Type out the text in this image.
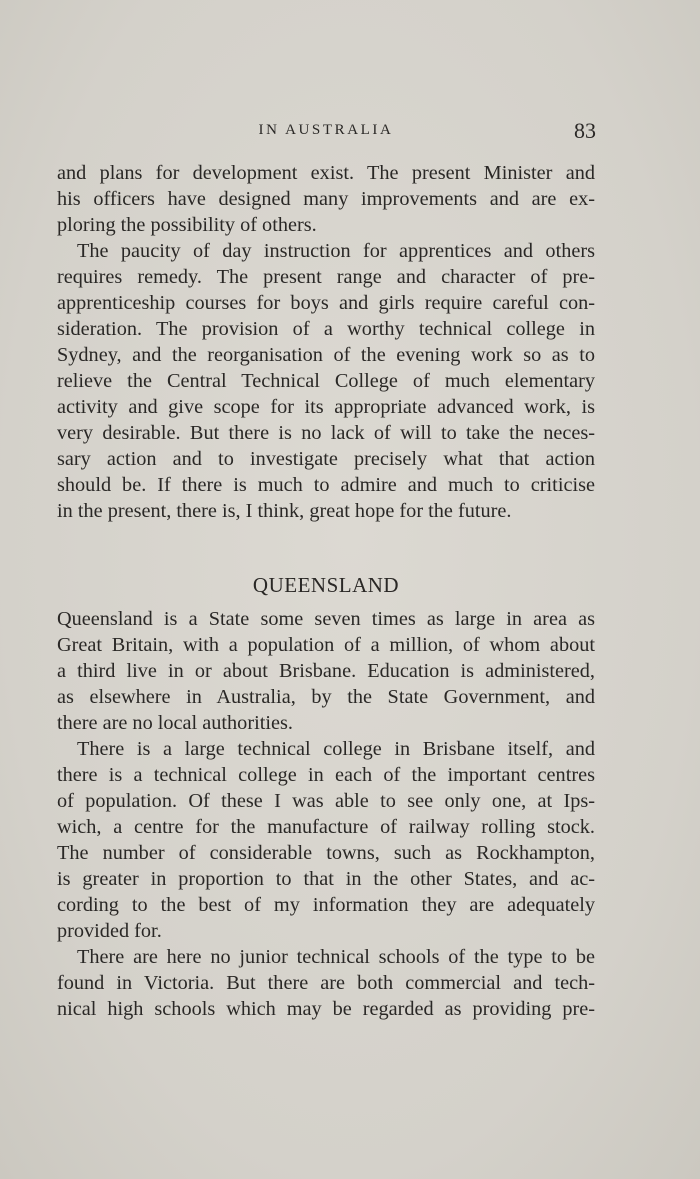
IN AUSTRALIA	83
and plans for development exist. The present Minister and
his officers have designed many improvements and are ex-
ploring the possibility of others.
The paucity of day instruction for apprentices and others
requires remedy. The present range and character of pre-
apprenticeship courses for boys and girls require careful con-
sideration. The provision of a worthy technical college in
Sydney, and the reorganisation of the evening work so as to
relieve the Central Technical College of much elementary
activity and give scope for its appropriate advanced work, is
very desirable. But there is no lack of will to take the neces-
sary action and to investigate precisely what that action
should be. If there is much to admire and much to criticise
in the present, there is, I think, great hope for the future.
QUEENSLAND
Queensland is a State some seven times as large in area as
Great Britain, with a population of a million, of whom about
a third live in or about Brisbane. Education is administered,
as elsewhere in Australia, by the State Government, and
there are no local authorities.
There is a large technical college in Brisbane itself, and
there is a technical college in each of the important centres
of population. Of these I was able to see only one, at Ips-
wich, a centre for the manufacture of railway rolling stock.
The number of considerable towns, such as Rockhampton,
is greater in proportion to that in the other States, and ac-
cording to the best of my information they are adequately
provided for.
There are here no junior technical schools of the type to be
found in Victoria. But there are both commercial and tech-
nical high schools which may be regarded as providing pre-
